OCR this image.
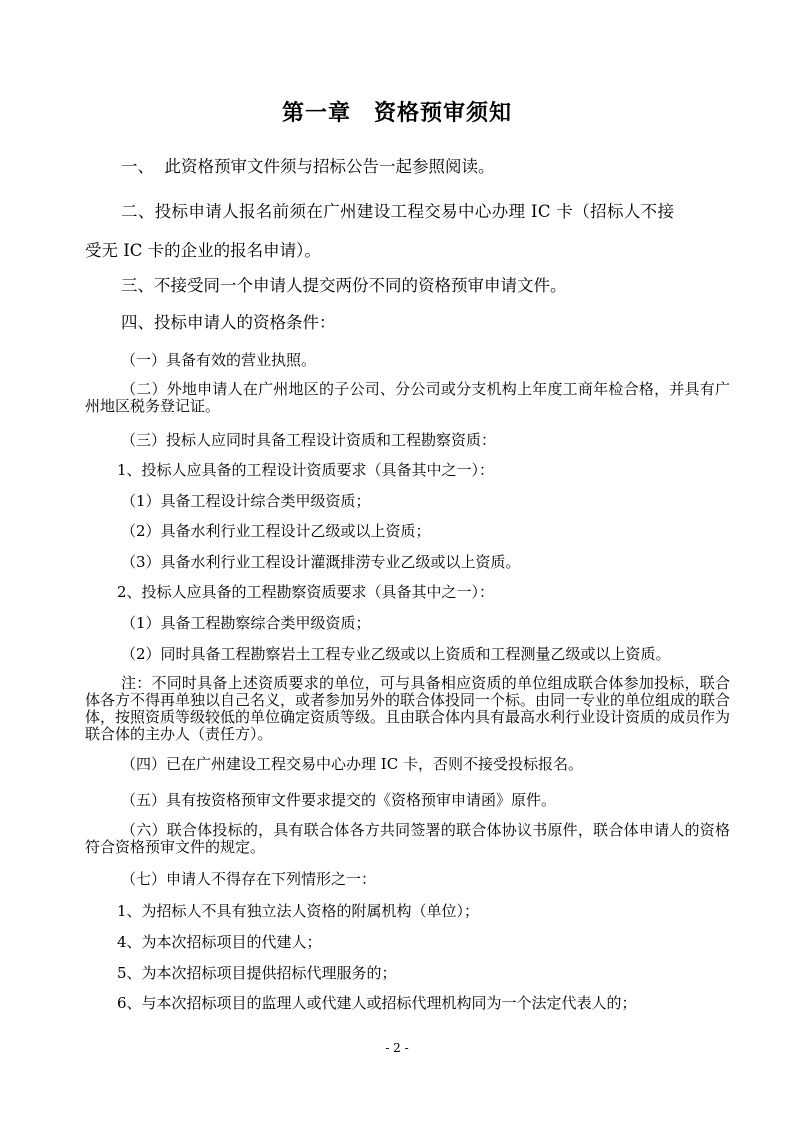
第一章　资格预审须知
一、  此资格预审文件须与招标公告一起参照阅读。
二、投标申请人报名前须在广州建设工程交易中心办理 IC 卡（招标人不接
受无 IC 卡的企业的报名申请）。
三、不接受同一个申请人提交两份不同的资格预审申请文件。
四、投标申请人的资格条件：
（一）具备有效的营业执照。
（二）外地申请人在广州地区的子公司、分公司或分支机构上年度工商年检合格，并具有广州地区税务登记证。
（三）投标人应同时具备工程设计资质和工程勘察资质：
1、投标人应具备的工程设计资质要求（具备其中之一）：
（1）具备工程设计综合类甲级资质；
（2）具备水利行业工程设计乙级或以上资质；
（3）具备水利行业工程设计灌溉排涝专业乙级或以上资质。
2、投标人应具备的工程勘察资质要求（具备其中之一）：
（1）具备工程勘察综合类甲级资质；
（2）同时具备工程勘察岩土工程专业乙级或以上资质和工程测量乙级或以上资质。
注：不同时具备上述资质要求的单位，可与具备相应资质的单位组成联合体参加投标，联合体各方不得再单独以自己名义，或者参加另外的联合体投同一个标。由同一专业的单位组成的联合体，按照资质等级较低的单位确定资质等级。且由联合体内具有最高水利行业设计资质的成员作为联合体的主办人（责任方）。
（四）已在广州建设工程交易中心办理 IC 卡，否则不接受投标报名。
（五）具有按资格预审文件要求提交的《资格预审申请函》原件。
（六）联合体投标的，具有联合体各方共同签署的联合体协议书原件，联合体申请人的资格符合资格预审文件的规定。
（七）申请人不得存在下列情形之一：
1、为招标人不具有独立法人资格的附属机构（单位）；
4、为本次招标项目的代建人；
5、为本次招标项目提供招标代理服务的；
6、与本次招标项目的监理人或代建人或招标代理机构同为一个法定代表人的；
- 2 -
